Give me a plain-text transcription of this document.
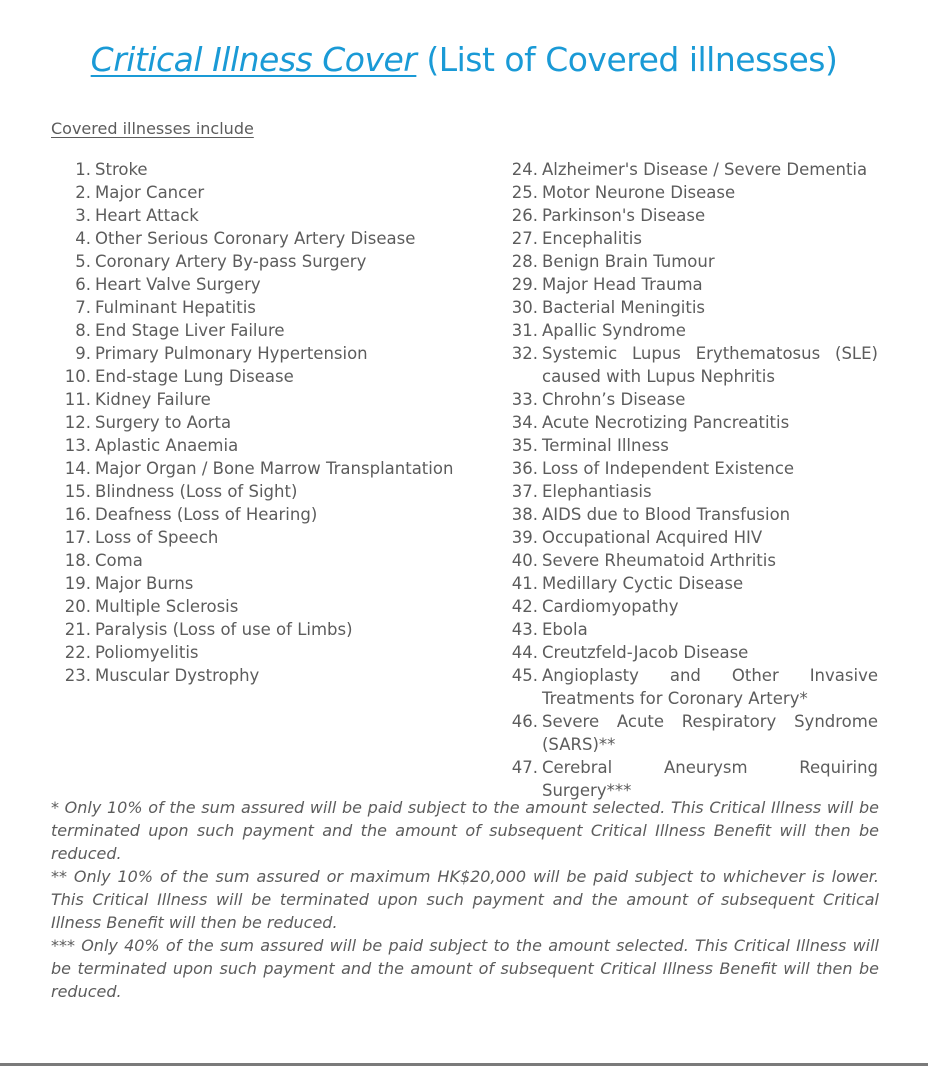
Critical Illness Cover (List of Covered illnesses)
Covered illnesses include
1. Stroke
2. Major Cancer
3. Heart Attack
4. Other Serious Coronary Artery Disease
5. Coronary Artery By-pass Surgery
6. Heart Valve Surgery
7. Fulminant Hepatitis
8. End Stage Liver Failure
9. Primary Pulmonary Hypertension
10. End-stage Lung Disease
11. Kidney Failure
12. Surgery to Aorta
13. Aplastic Anaemia
14. Major Organ / Bone Marrow Transplantation
15. Blindness (Loss of Sight)
16. Deafness (Loss of Hearing)
17. Loss of Speech
18. Coma
19. Major Burns
20. Multiple Sclerosis
21. Paralysis (Loss of use of Limbs)
22. Poliomyelitis
23. Muscular Dystrophy
24. Alzheimer's Disease / Severe Dementia
25. Motor Neurone Disease
26. Parkinson's Disease
27. Encephalitis
28. Benign Brain Tumour
29. Major Head Trauma
30. Bacterial Meningitis
31. Apallic Syndrome
32. Systemic Lupus Erythematosus (SLE) caused with Lupus Nephritis
33. Chrohn’s Disease
34. Acute Necrotizing Pancreatitis
35. Terminal Illness
36. Loss of Independent Existence
37. Elephantiasis
38. AIDS due to Blood Transfusion
39. Occupational Acquired HIV
40. Severe Rheumatoid Arthritis
41. Medillary Cyctic Disease
42. Cardiomyopathy
43. Ebola
44. Creutzfeld-Jacob Disease
45. Angioplasty and Other Invasive Treatments for Coronary Artery*
46. Severe Acute Respiratory Syndrome (SARS)**
47. Cerebral Aneurysm Requiring Surgery***

* Only 10% of the sum assured will be paid subject to the amount selected. This Critical Illness will be terminated upon such payment and the amount of subsequent Critical Illness Benefit will then be reduced.

** Only 10% of the sum assured or maximum HK$20,000 will be paid subject to whichever is lower. This Critical Illness will be terminated upon such payment and the amount of subsequent Critical Illness Benefit will then be reduced.

*** Only 40% of the sum assured will be paid subject to the amount selected. This Critical Illness will be terminated upon such payment and the amount of subsequent Critical Illness Benefit will then be reduced.
